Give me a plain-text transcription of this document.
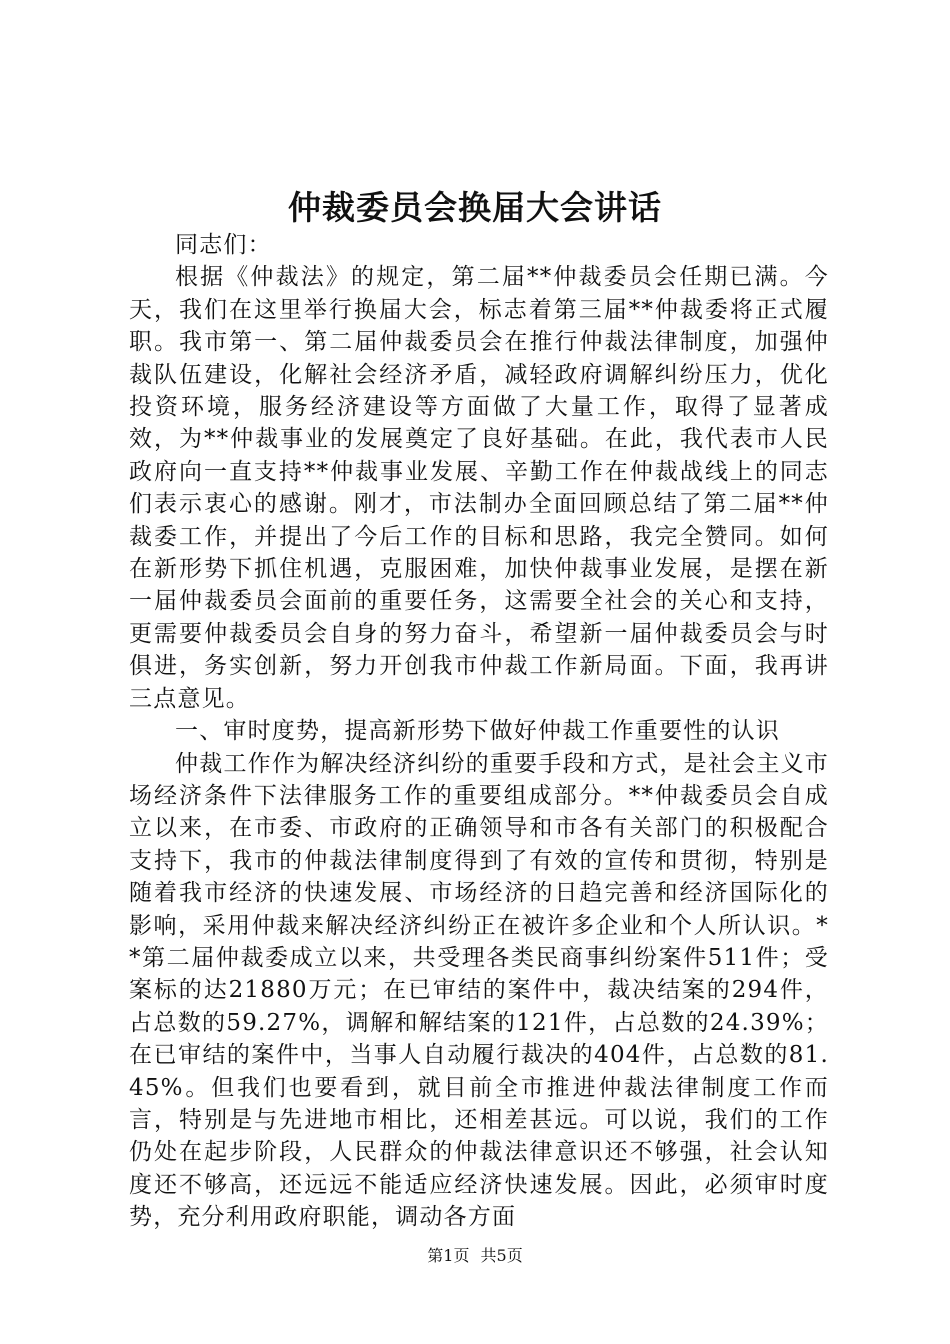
仲裁委员会换届大会讲话

同志们：

根据《仲裁法》的规定，第二届**仲裁委员会任期已满。今天，我们在这里举行换届大会，标志着第三届**仲裁委将正式履职。我市第一、第二届仲裁委员会在推行仲裁法律制度，加强仲裁队伍建设，化解社会经济矛盾，减轻政府调解纠纷压力，优化投资环境，服务经济建设等方面做了大量工作，取得了显著成效，为**仲裁事业的发展奠定了良好基础。在此，我代表市人民政府向一直支持**仲裁事业发展、辛勤工作在仲裁战线上的同志们表示衷心的感谢。刚才，市法制办全面回顾总结了第二届**仲裁委工作，并提出了今后工作的目标和思路，我完全赞同。如何在新形势下抓住机遇，克服困难，加快仲裁事业发展，是摆在新一届仲裁委员会面前的重要任务，这需要全社会的关心和支持，更需要仲裁委员会自身的努力奋斗，希望新一届仲裁委员会与时俱进，务实创新，努力开创我市仲裁工作新局面。下面，我再讲三点意见。

一、审时度势，提高新形势下做好仲裁工作重要性的认识

仲裁工作作为解决经济纠纷的重要手段和方式，是社会主义市场经济条件下法律服务工作的重要组成部分。**仲裁委员会自成立以来，在市委、市政府的正确领导和市各有关部门的积极配合支持下，我市的仲裁法律制度得到了有效的宣传和贯彻，特别是随着我市经济的快速发展、市场经济的日趋完善和经济国际化的影响，采用仲裁来解决经济纠纷正在被许多企业和个人所认识。**第二届仲裁委成立以来，共受理各类民商事纠纷案件511件；受案标的达21880万元；在已审结的案件中，裁决结案的294件，占总数的59.27%，调解和解结案的121件，占总数的24.39%；在已审结的案件中，当事人自动履行裁决的404件，占总数的81.45%。但我们也要看到，就目前全市推进仲裁法律制度工作而言，特别是与先进地市相比，还相差甚远。可以说，我们的工作仍处在起步阶段，人民群众的仲裁法律意识还不够强，社会认知度还不够高，还远远不能适应经济快速发展。因此，必须审时度势，充分利用政府职能，调动各方面

第1页 共5页
